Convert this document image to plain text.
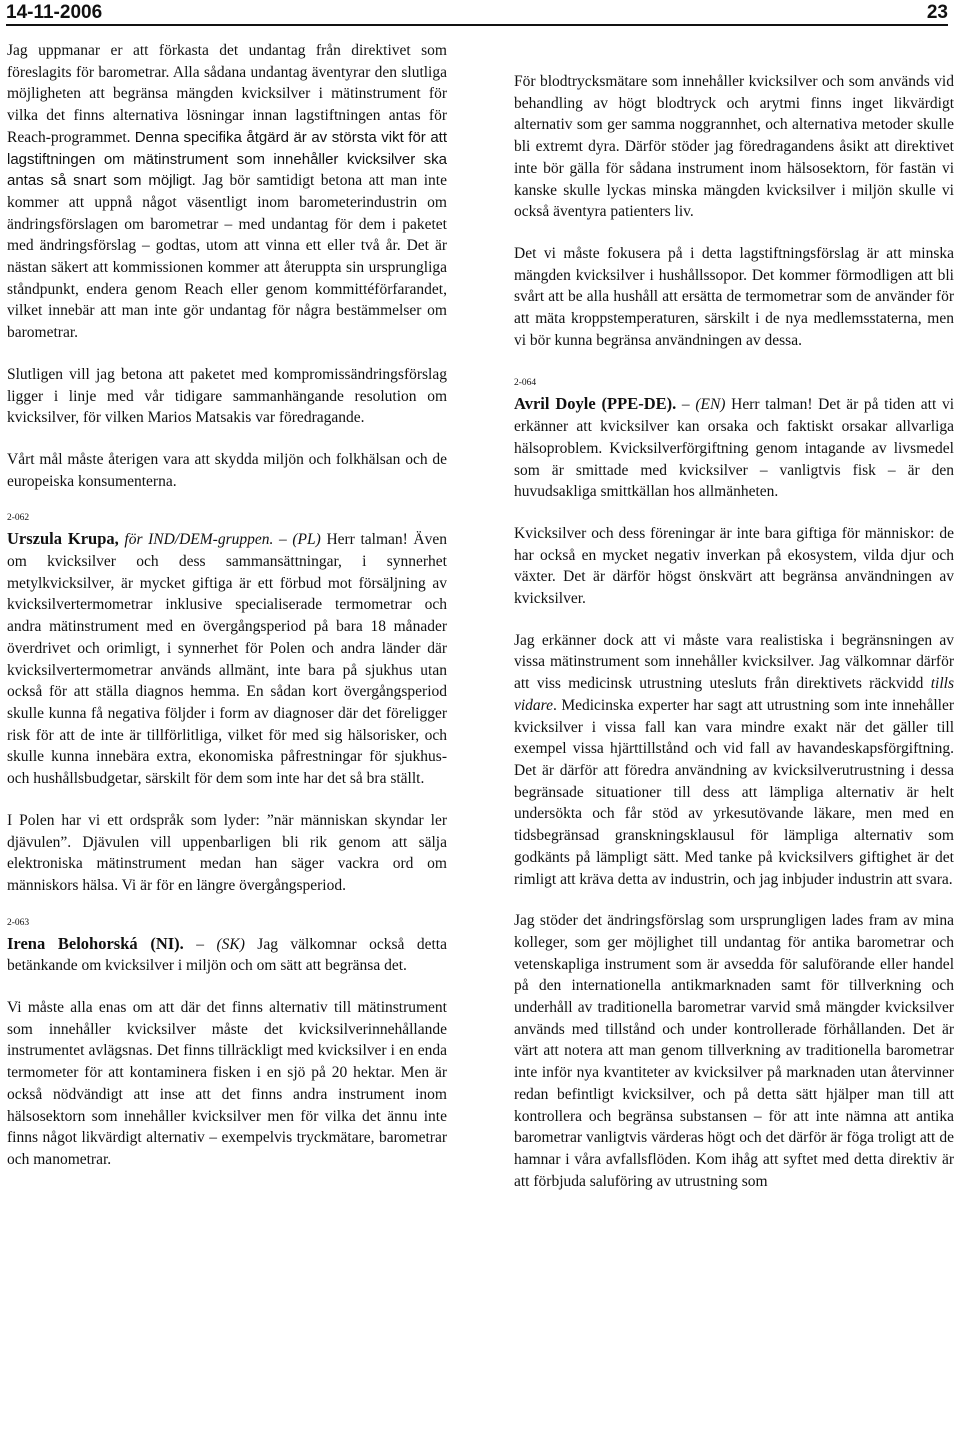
14-11-2006	23

Jag uppmanar er att förkasta det undantag från direktivet som föreslagits för barometrar. Alla sådana undantag äventyrar den slutliga möjligheten att begränsa mängden kvicksilver i mätinstrument för vilka det finns alternativa lösningar innan lagstiftningen antas för Reach-programmet. Denna specifika åtgärd är av största vikt för att lagstiftningen om mätinstrument som innehåller kvicksilver ska antas så snart som möjligt. Jag bör samtidigt betona att man inte kommer att uppnå något väsentligt inom barometerindustrin om ändringsförslagen om barometrar – med undantag för dem i paketet med ändringsförslag – godtas, utom att vinna ett eller två år. Det är nästan säkert att kommissionen kommer att återuppta sin ursprungliga ståndpunkt, endera genom Reach eller genom kommittéförfarandet, vilket innebär att man inte gör undantag för några bestämmelser om barometrar.

Slutligen vill jag betona att paketet med kompromissändringsförslag ligger i linje med vår tidigare sammanhängande resolution om kvicksilver, för vilken Marios Matsakis var föredragande.

Vårt mål måste återigen vara att skydda miljön och folkhälsan och de europeiska konsumenterna.

2-062

Urszula Krupa, för IND/DEM-gruppen. – (PL) Herr talman! Även om kvicksilver och dess sammansättningar, i synnerhet metylkvicksilver, är mycket giftiga är ett förbud mot försäljning av kvicksilvertermometrar inklusive specialiserade termometrar och andra mätinstrument med en övergångsperiod på bara 18 månader överdrivet och orimligt, i synnerhet för Polen och andra länder där kvicksilvertermometrar används allmänt, inte bara på sjukhus utan också för att ställa diagnos hemma. En sådan kort övergångsperiod skulle kunna få negativa följder i form av diagnoser där det föreligger risk för att de inte är tillförlitliga, vilket för med sig hälsorisker, och skulle kunna innebära extra, ekonomiska påfrestningar för sjukhus- och hushållsbudgetar, särskilt för dem som inte har det så bra ställt.

I Polen har vi ett ordspråk som lyder: ”när människan skyndar ler djävulen”. Djävulen vill uppenbarligen bli rik genom att sälja elektroniska mätinstrument medan han säger vackra ord om människors hälsa. Vi är för en längre övergångsperiod.

2-063

Irena Belohorská (NI). – (SK) Jag välkomnar också detta betänkande om kvicksilver i miljön och om sätt att begränsa det.

Vi måste alla enas om att där det finns alternativ till mätinstrument som innehåller kvicksilver måste det kvicksilverinnehållande instrumentet avlägsnas. Det finns tillräckligt med kvicksilver i en enda termometer för att kontaminera fisken i en sjö på 20 hektar. Men är också nödvändigt att inse att det finns andra instrument inom hälsosektorn som innehåller kvicksilver men för vilka det ännu inte finns något likvärdigt alternativ – exempelvis tryckmätare, barometrar och manometrar.

För blodtrycksmätare som innehåller kvicksilver och som används vid behandling av högt blodtryck och arytmi finns inget likvärdigt alternativ som ger samma noggrannhet, och alternativa metoder skulle bli extremt dyra. Därför stöder jag föredragandens åsikt att direktivet inte bör gälla för sådana instrument inom hälsosektorn, för fastän vi kanske skulle lyckas minska mängden kvicksilver i miljön skulle vi också äventyra patienters liv.

Det vi måste fokusera på i detta lagstiftningsförslag är att minska mängden kvicksilver i hushållssopor. Det kommer förmodligen att bli svårt att be alla hushåll att ersätta de termometrar som de använder för att mäta kroppstemperaturen, särskilt i de nya medlemsstaterna, men vi bör kunna begränsa användningen av dessa.

2-064

Avril Doyle (PPE-DE). – (EN) Herr talman! Det är på tiden att vi erkänner att kvicksilver kan orsaka och faktiskt orsakar allvarliga hälsoproblem. Kvicksilverförgiftning genom intagande av livsmedel som är smittade med kvicksilver – vanligtvis fisk – är den huvudsakliga smittkällan hos allmänheten.

Kvicksilver och dess föreningar är inte bara giftiga för människor: de har också en mycket negativ inverkan på ekosystem, vilda djur och växter. Det är därför högst önskvärt att begränsa användningen av kvicksilver.

Jag erkänner dock att vi måste vara realistiska i begränsningen av vissa mätinstrument som innehåller kvicksilver. Jag välkomnar därför att viss medicinsk utrustning utesluts från direktivets räckvidd tills vidare. Medicinska experter har sagt att utrustning som inte innehåller kvicksilver i vissa fall kan vara mindre exakt när det gäller till exempel vissa hjärttillstånd och vid fall av havandeskapsförgiftning. Det är därför att föredra användning av kvicksilverutrustning i dessa begränsade situationer till dess att lämpliga alternativ är helt undersökta och får stöd av yrkesutövande läkare, men med en tidsbegränsad granskningsklausul för lämpliga alternativ som godkänts på lämpligt sätt. Med tanke på kvicksilvers giftighet är det rimligt att kräva detta av industrin, och jag inbjuder industrin att svara.

Jag stöder det ändringsförslag som ursprungligen lades fram av mina kolleger, som ger möjlighet till undantag för antika barometrar och vetenskapliga instrument som är avsedda för saluförande eller handel på den internationella antikmarknaden samt för tillverkning och underhåll av traditionella barometrar varvid små mängder kvicksilver används med tillstånd och under kontrollerade förhållanden. Det är värt att notera att man genom tillverkning av traditionella barometrar inte inför nya kvantiteter av kvicksilver på marknaden utan återvinner redan befintligt kvicksilver, och på detta sätt hjälper man till att kontrollera och begränsa substansen – för att inte nämna att antika barometrar vanligtvis värderas högt och det därför är föga troligt att de hamnar i våra avfallsflöden. Kom ihåg att syftet med detta direktiv är att förbjuda saluföring av utrustning som
